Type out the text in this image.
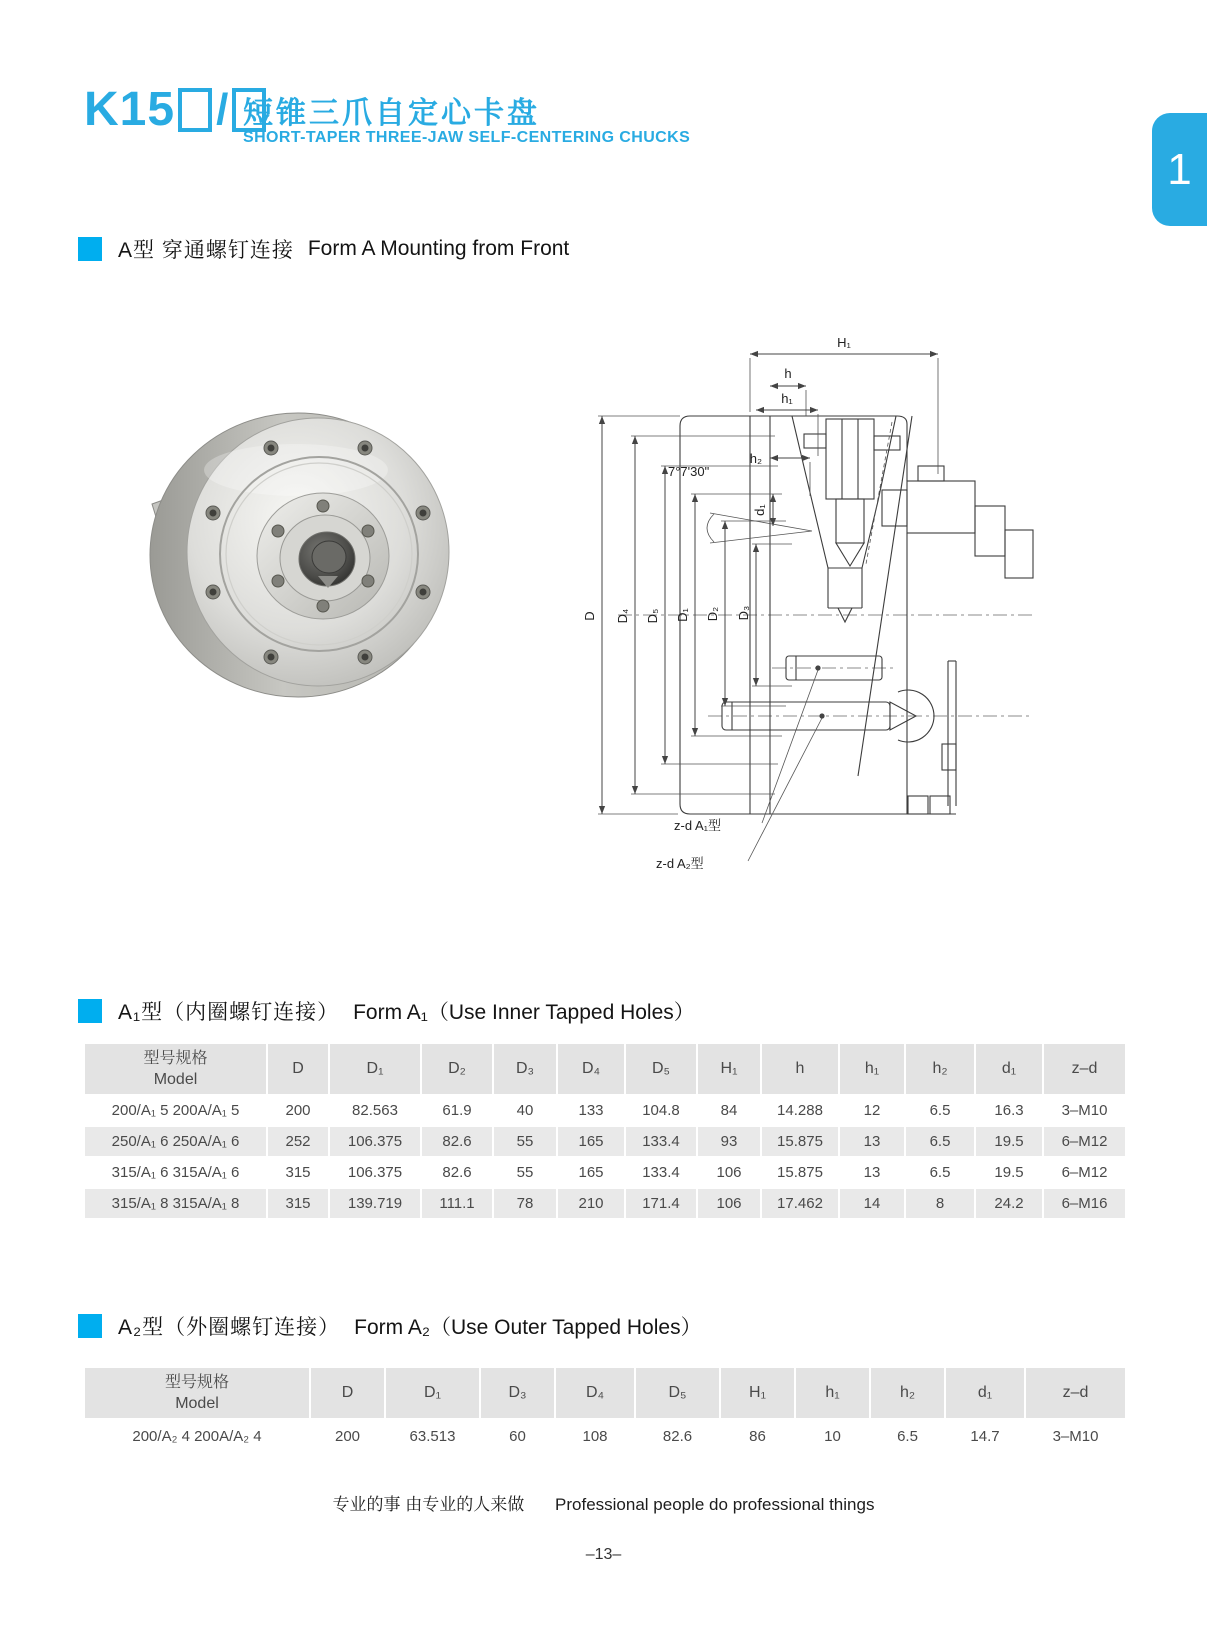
K15 / 短锥三爪自定心卡盘
SHORT-TAPER THREE-JAW SELF-CENTERING CHUCKS
1
A型 穿通螺钉连接 Form A Mounting from Front
H₁
h
h₁
h₂
7°7'30"
d₁
D D₄ D₅ D₁ D₂ D₃
z-d A₁型
z-d A₂型
A₁型（内圈螺钉连接） Form A₁（Use Inner Tapped Holes）
型号规格
Model	D	D₁	D₂	D₃	D₄	D₅	H₁	h	h₁	h₂	d₁	z–d
200/A₁ 5 200A/A₁ 5	200	82.563	61.9	40	133	104.8	84	14.288	12	6.5	16.3	3–M10
250/A₁ 6 250A/A₁ 6	252	106.375	82.6	55	165	133.4	93	15.875	13	6.5	19.5	6–M12
315/A₁ 6 315A/A₁ 6	315	106.375	82.6	55	165	133.4	106	15.875	13	6.5	19.5	6–M12
315/A₁ 8 315A/A₁ 8	315	139.719	111.1	78	210	171.4	106	17.462	14	8	24.2	6–M16
A₂型（外圈螺钉连接） Form A₂（Use Outer Tapped Holes）
型号规格
Model	D	D₁	D₃	D₄	D₅	H₁	h₁	h₂	d₁	z–d
200/A₂ 4 200A/A₂ 4	200	63.513	60	108	82.6	86	10	6.5	14.7	3–M10
专业的事 由专业的人来做 Professional people do professional things
–13–
